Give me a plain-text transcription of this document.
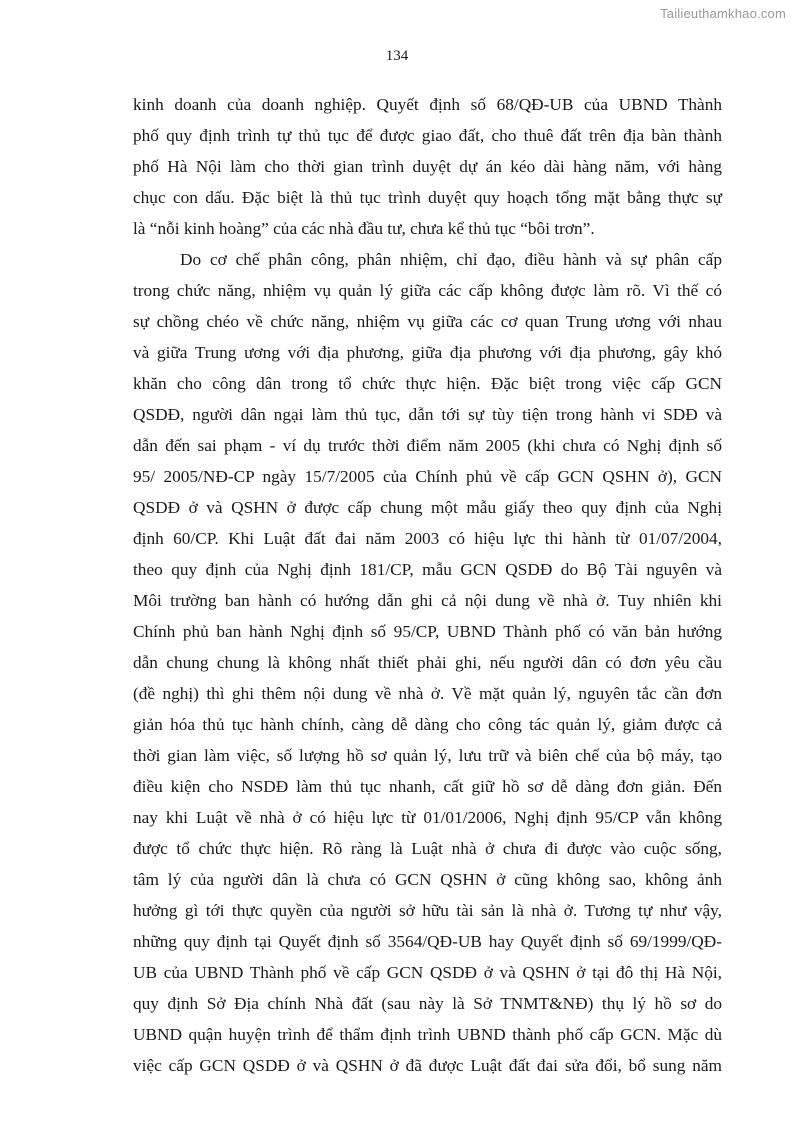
Tailieuthamkhao.com
134
kinh doanh của doanh nghiệp. Quyết định số 68/QĐ-UB của UBND Thành
phố quy định trình tự thủ tục để được giao đất, cho thuê đất trên địa bàn thành
phố Hà Nội làm cho thời gian trình duyệt dự án kéo dài hàng năm, với hàng
chục con dấu. Đặc biệt là thủ tục trình duyệt quy hoạch tổng mặt bằng thực sự
là “nỗi kinh hoàng” của các nhà đầu tư, chưa kể thủ tục “bôi trơn”.
Do cơ chế phân công, phân nhiệm, chỉ đạo, điều hành và sự phân cấp
trong chức năng, nhiệm vụ quản lý giữa các cấp không được làm rõ. Vì thế có
sự chồng chéo về chức năng, nhiệm vụ giữa các cơ quan Trung ương với nhau
và giữa Trung ương với địa phương, giữa địa phương với địa phương, gây khó
khăn cho công dân trong tổ chức thực hiện. Đặc biệt trong việc cấp GCN
QSDĐ, người dân ngại làm thủ tục, dẫn tới sự tùy tiện trong hành vi SDĐ và
dẫn đến sai phạm - ví dụ trước thời điểm năm 2005 (khi chưa có Nghị định số
95/ 2005/NĐ-CP ngày 15/7/2005 của Chính phủ về cấp GCN QSHN ở), GCN
QSDĐ ở và QSHN ở được cấp chung một mẫu giấy theo quy định của Nghị
định 60/CP. Khi Luật đất đai năm 2003 có hiệu lực thi hành từ 01/07/2004,
theo quy định của Nghị định 181/CP, mẫu GCN QSDĐ do Bộ Tài nguyên và
Môi trường ban hành có hướng dẫn ghi cả nội dung về nhà ở. Tuy nhiên khi
Chính phủ ban hành Nghị định số 95/CP, UBND Thành phố có văn bản hướng
dẫn chung chung là không nhất thiết phải ghi, nếu người dân có đơn yêu cầu
(đề nghị) thì ghi thêm nội dung về nhà ở. Về mặt quản lý, nguyên tắc cần đơn
giản hóa thủ tục hành chính, càng dễ dàng cho công tác quản lý, giảm được cả
thời gian làm việc, số lượng hồ sơ quản lý, lưu trữ và biên chế của bộ máy, tạo
điều kiện cho NSDĐ làm thủ tục nhanh, cất giữ hồ sơ dễ dàng đơn giản. Đến
nay khi Luật về nhà ở có hiệu lực từ 01/01/2006, Nghị định 95/CP vẫn không
được tổ chức thực hiện. Rõ ràng là Luật nhà ở chưa đi được vào cuộc sống,
tâm lý của người dân là chưa có GCN QSHN ở cũng không sao, không ảnh
hưởng gì tới thực quyền của người sở hữu tài sản là nhà ở. Tương tự như vậy,
những quy định tại Quyết định số 3564/QĐ-UB hay Quyết định số 69/1999/QĐ-
UB của UBND Thành phố về cấp GCN QSDĐ ở và QSHN ở tại đô thị Hà Nội,
quy định Sở Địa chính Nhà đất (sau này là Sở TNMT&NĐ) thụ lý hồ sơ do
UBND quận huyện trình để thẩm định trình UBND thành phố cấp GCN. Mặc dù
việc cấp GCN QSDĐ ở và QSHN ở đã được Luật đất đai sửa đổi, bổ sung năm
